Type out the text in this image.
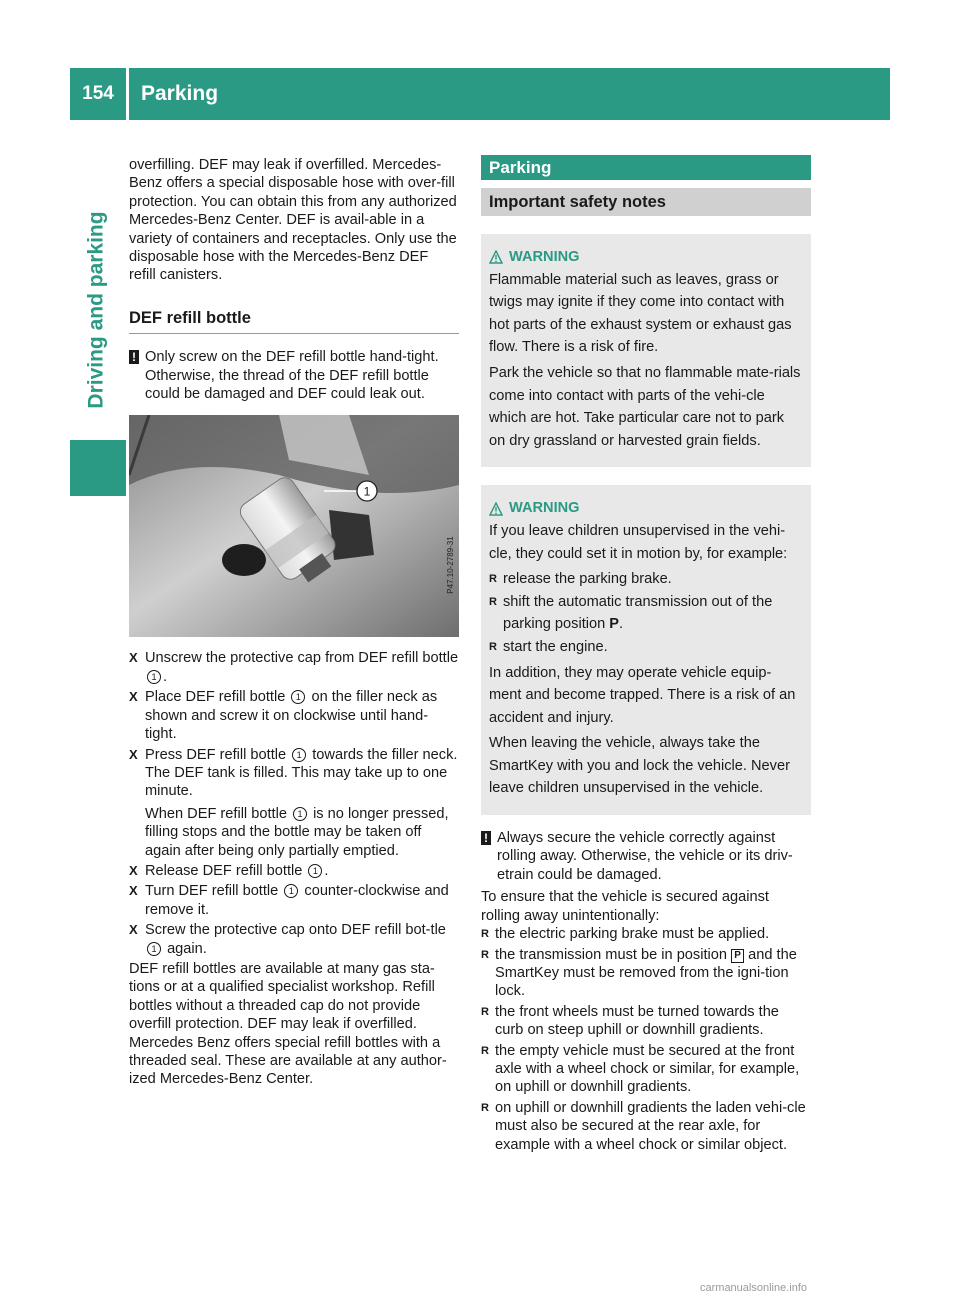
154	Parking
Driving and parking

overfilling. DEF may leak if overfilled. Mercedes-Benz offers a special disposable hose with over-fill protection. You can obtain this from any authorized Mercedes-Benz Center. DEF is avail-able in a variety of containers and receptacles. Only use the disposable hose with the Mercedes-Benz DEF refill canisters.

DEF refill bottle
! Only screw on the DEF refill bottle hand-tight. Otherwise, the thread of the DEF refill bottle could be damaged and DEF could leak out.
1
P47.10-2789-31
X Unscrew the protective cap from DEF refill bottle 1 .
X Place DEF refill bottle 1 on the filler neck as shown and screw it on clockwise until hand-tight.
X Press DEF refill bottle 1 towards the filler neck.
The DEF tank is filled. This may take up to one minute.
When DEF refill bottle 1 is no longer pressed, filling stops and the bottle may be taken off again after being only partially emptied.
X Release DEF refill bottle 1 .
X Turn DEF refill bottle 1 counter-clockwise and remove it.
X Screw the protective cap onto DEF refill bot-tle 1 again.

DEF refill bottles are available at many gas sta-tions or at a qualified specialist workshop. Refill bottles without a threaded cap do not provide overfill protection. DEF may leak if overfilled. Mercedes Benz offers special refill bottles with a threaded seal. These are available at any author-ized Mercedes-Benz Center.

Parking
Important safety notes
WARNING

Flammable material such as leaves, grass or twigs may ignite if they come into contact with hot parts of the exhaust system or exhaust gas flow. There is a risk of fire.

Park the vehicle so that no flammable mate-rials come into contact with parts of the vehi-cle which are hot. Take particular care not to park on dry grassland or harvested grain fields.

WARNING

If you leave children unsupervised in the vehi-cle, they could set it in motion by, for example:

R release the parking brake.
R shift the automatic transmission out of the parking position P.
R start the engine.

In addition, they may operate vehicle equip-ment and become trapped. There is a risk of an accident and injury.

When leaving the vehicle, always take the SmartKey with you and lock the vehicle. Never leave children unsupervised in the vehicle.

! Always secure the vehicle correctly against rolling away. Otherwise, the vehicle or its driv-etrain could be damaged.

To ensure that the vehicle is secured against rolling away unintentionally:

R the electric parking brake must be applied.
R the transmission must be in position P and the SmartKey must be removed from the igni-tion lock.
R the front wheels must be turned towards the curb on steep uphill or downhill gradients.
R the empty vehicle must be secured at the front axle with a wheel chock or similar, for example, on uphill or downhill gradients.
R on uphill or downhill gradients the laden vehi-cle must also be secured at the rear axle, for example with a wheel chock or similar object.
carmanualsonline.info
